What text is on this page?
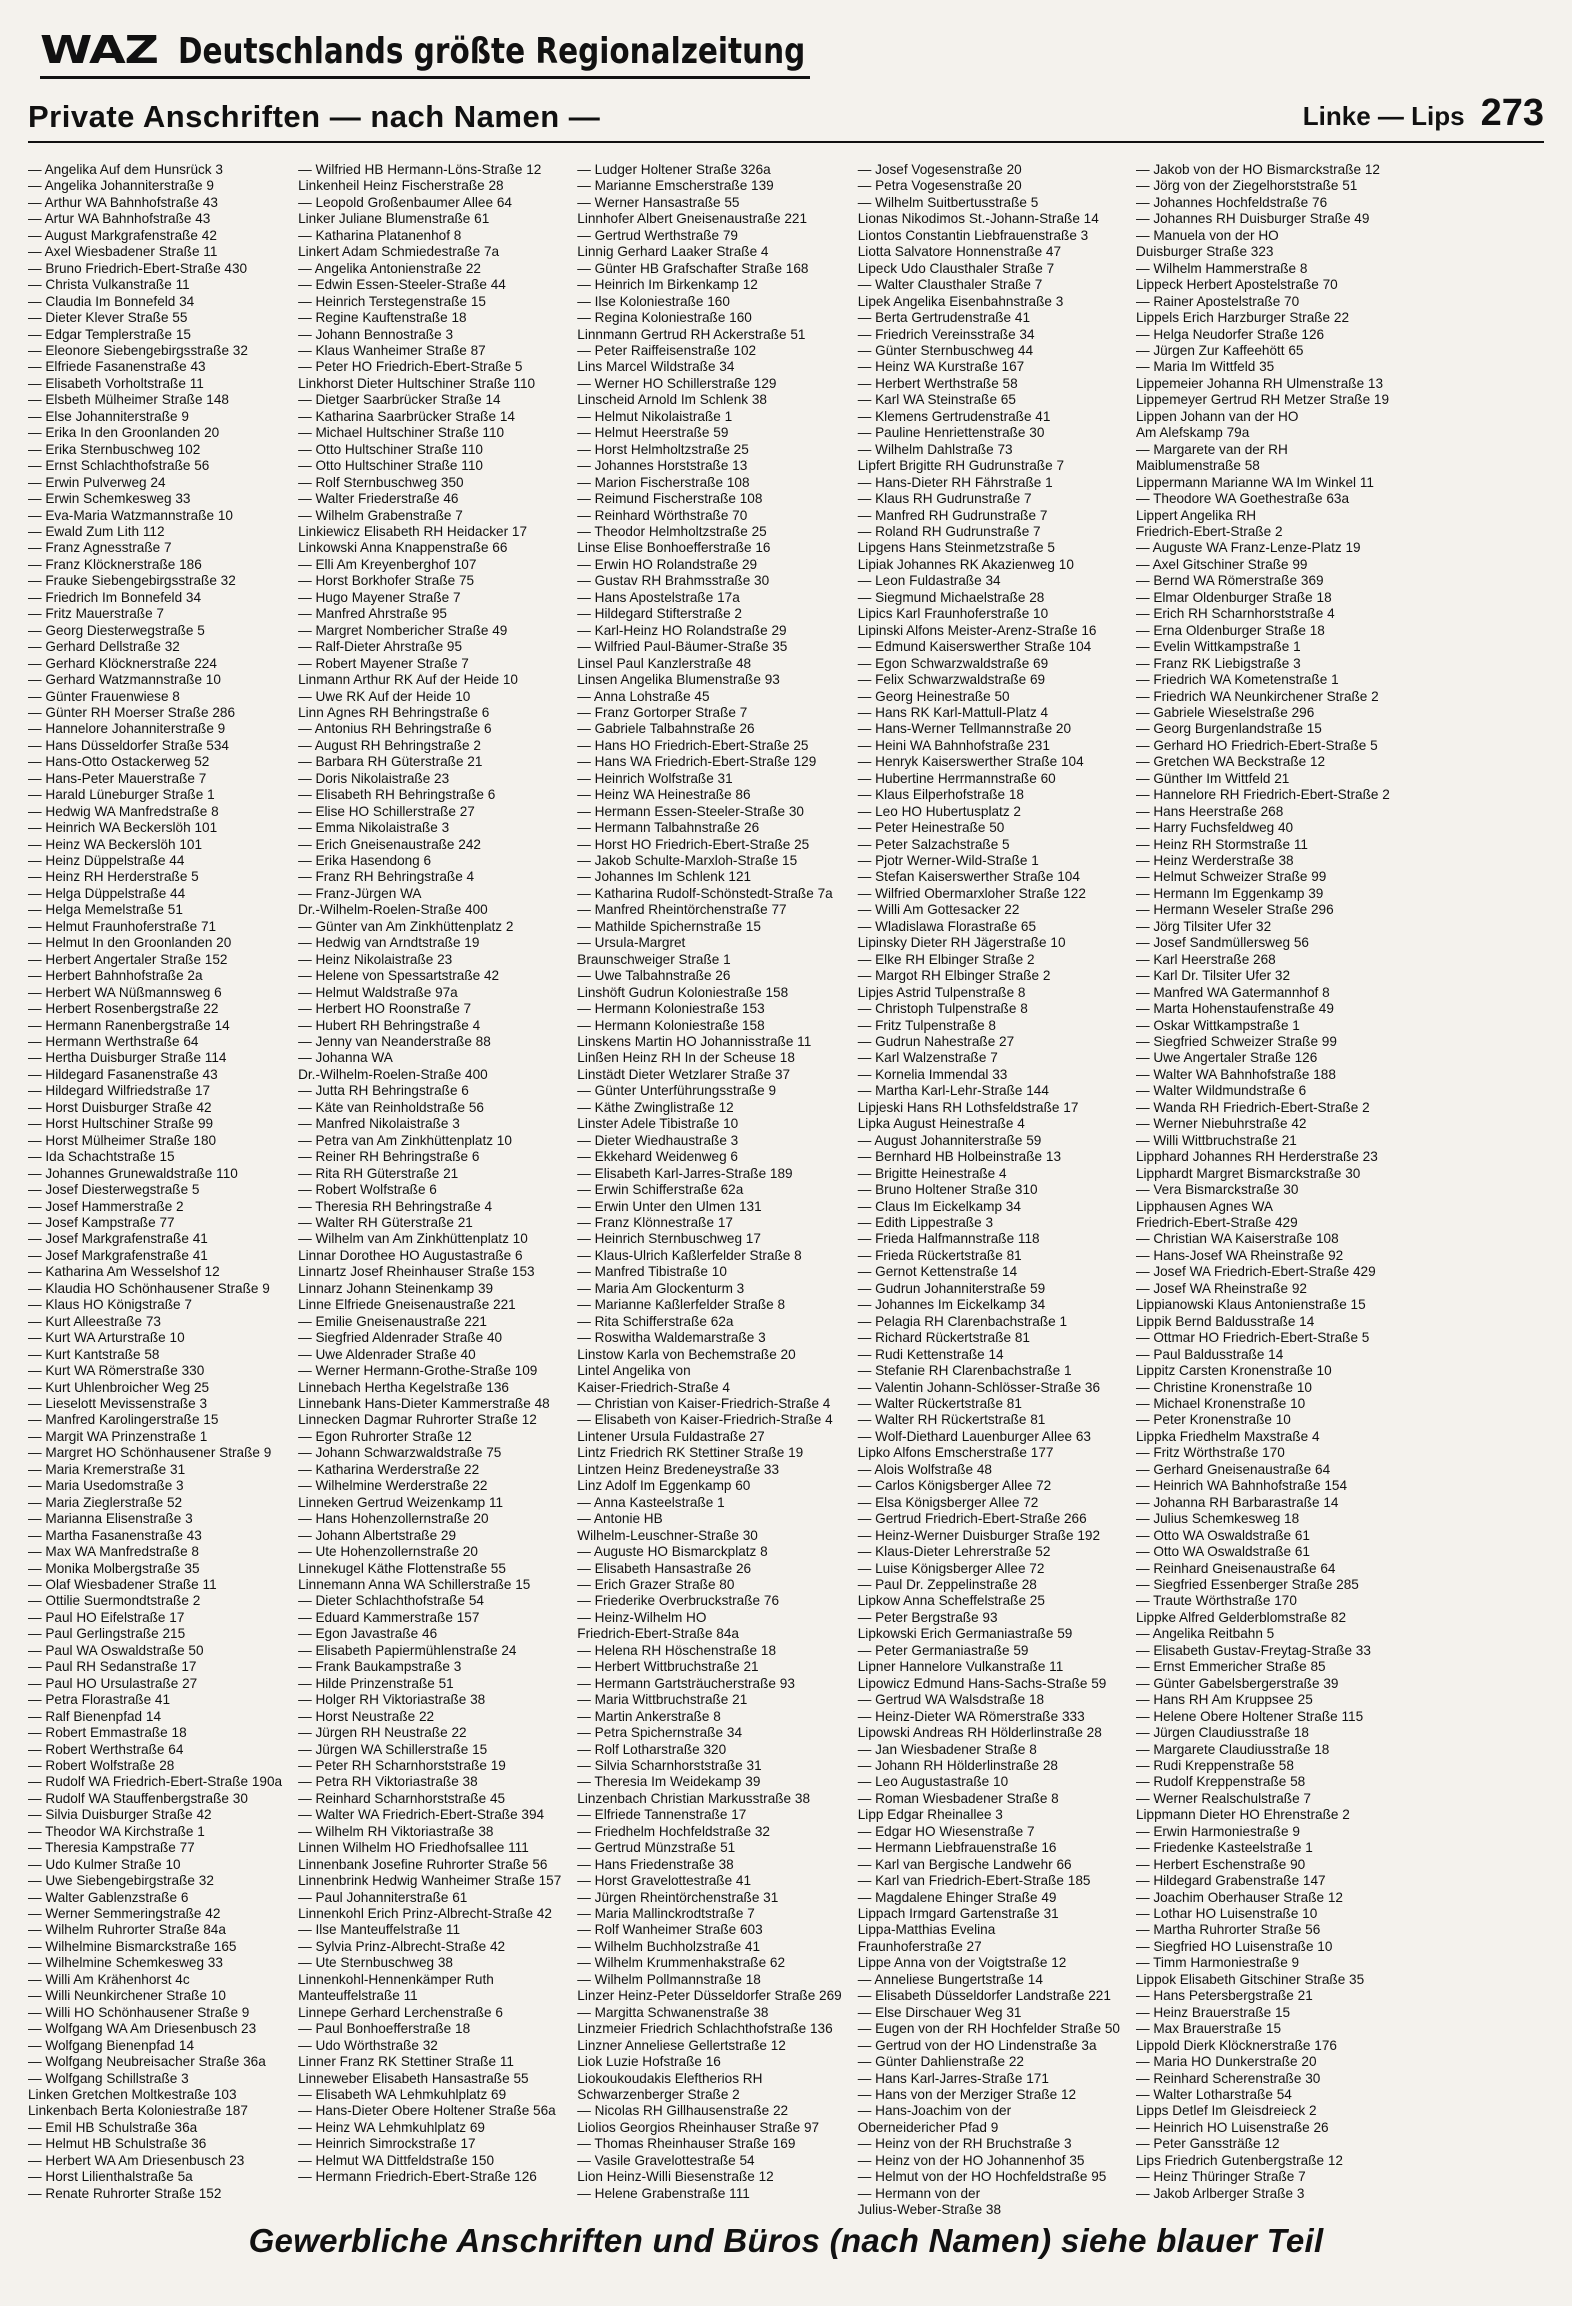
WAZ Deutschlands größte Regionalzeitung
Private Anschriften — nach Namen —	Linke — Lips 273
— Angelika Auf dem Hunsrück 3
— Angelika Johanniterstraße 9
— Arthur WA Bahnhofstraße 43
— Artur WA Bahnhofstraße 43
— August Markgrafenstraße 42
— Axel Wiesbadener Straße 11
— Bruno Friedrich-Ebert-Straße 430
— Christa Vulkanstraße 11
— Claudia Im Bonnefeld 34
— Dieter Klever Straße 55
— Edgar Templerstraße 15
— Eleonore Siebengebirgsstraße 32
— Elfriede Fasanenstraße 43
— Elisabeth Vorholtstraße 11
— Elsbeth Mülheimer Straße 148
— Else Johanniterstraße 9
— Erika In den Groonlanden 20
— Erika Sternbuschweg 102
— Ernst Schlachthofstraße 56
— Erwin Pulverweg 24
— Erwin Schemkesweg 33
— Eva-Maria Watzmannstraße 10
— Ewald Zum Lith 112
— Franz Agnesstraße 7
— Franz Klöcknerstraße 186
— Frauke Siebengebirgsstraße 32
— Friedrich Im Bonnefeld 34
— Fritz Mauerstraße 7
— Georg Diesterwegstraße 5
— Gerhard Dellstraße 32
— Gerhard Klöcknerstraße 224
— Gerhard Watzmannstraße 10
— Günter Frauenwiese 8
— Günter RH Moerser Straße 286
— Hannelore Johanniterstraße 9
— Hans Düsseldorfer Straße 534
— Hans-Otto Ostackerweg 52
— Hans-Peter Mauerstraße 7
— Harald Lüneburger Straße 1
— Hedwig WA Manfredstraße 8
— Heinrich WA Beckerslöh 101
— Heinz WA Beckerslöh 101
— Heinz Düppelstraße 44
— Heinz RH Herderstraße 5
— Helga Düppelstraße 44
— Helga Memelstraße 51
— Helmut Fraunhoferstraße 71
— Helmut In den Groonlanden 20
— Herbert Angertaler Straße 152
— Herbert Bahnhofstraße 2a
— Herbert WA Nüßmannsweg 6
— Herbert Rosenbergstraße 22
— Hermann Ranenbergstraße 14
— Hermann Werthstraße 64
— Hertha Duisburger Straße 114
— Hildegard Fasanenstraße 43
— Hildegard Wilfriedstraße 17
— Horst Duisburger Straße 42
— Horst Hultschiner Straße 99
— Horst Mülheimer Straße 180
— Ida Schachtstraße 15
— Johannes Grunewaldstraße 110
— Josef Diesterwegstraße 5
— Josef Hammerstraße 2
— Josef Kampstraße 77
— Josef Markgrafenstraße 41
— Josef Markgrafenstraße 41
— Katharina Am Wesselshof 12
— Klaudia HO Schönhausener Straße 9
— Klaus HO Königstraße 7
— Kurt Alleestraße 73
— Kurt WA Arturstraße 10
— Kurt Kantstraße 58
— Kurt WA Römerstraße 330
— Kurt Uhlenbroicher Weg 25
— Lieselott Mevissenstraße 3
— Manfred Karolingerstraße 15
— Margit WA Prinzenstraße 1
— Margret HO Schönhausener Straße 9
— Maria Kremerstraße 31
— Maria Usedomstraße 3
— Maria Zieglerstraße 52
— Marianna Elisenstraße 3
— Martha Fasanenstraße 43
— Max WA Manfredstraße 8
— Monika Molbergstraße 35
— Olaf Wiesbadener Straße 11
— Ottilie Suermondtstraße 2
— Paul HO Eifelstraße 17
— Paul Gerlingstraße 215
— Paul WA Oswaldstraße 50
— Paul RH Sedanstraße 17
— Paul HO Ursulastraße 27
— Petra Florastraße 41
— Ralf Bienenpfad 14
— Robert Emmastraße 18
— Robert Werthstraße 64
— Robert Wolfstraße 28
— Rudolf WA Friedrich-Ebert-Straße 190a
— Rudolf WA Stauffenbergstraße 30
— Silvia Duisburger Straße 42
— Theodor WA Kirchstraße 1
— Theresia Kampstraße 77
— Udo Kulmer Straße 10
— Uwe Siebengebirgstraße 32
— Walter Gablenzstraße 6
— Werner Semmeringstraße 42
— Wilhelm Ruhrorter Straße 84a
— Wilhelmine Bismarckstraße 165
— Wilhelmine Schemkesweg 33
— Willi Am Krähenhorst 4c
— Willi Neunkirchener Straße 10
— Willi HO Schönhausener Straße 9
— Wolfgang WA Am Driesenbusch 23
— Wolfgang Bienenpfad 14
— Wolfgang Neubreisacher Straße 36a
— Wolfgang Schillstraße 3
Linken Gretchen Moltkestraße 103
Linkenbach Berta Koloniestraße 187
— Emil HB Schulstraße 36a
— Helmut HB Schulstraße 36
— Herbert WA Am Driesenbusch 23
— Horst Lilienthalstraße 5a
— Renate Ruhrorter Straße 152
— Wilfried HB Hermann-Löns-Straße 12
Linkenheil Heinz Fischerstraße 28
— Leopold Großenbaumer Allee 64
Linker Juliane Blumenstraße 61
— Katharina Platanenhof 8
Linkert Adam Schmiedestraße 7a
— Angelika Antonienstraße 22
— Edwin Essen-Steeler-Straße 44
— Heinrich Terstegenstraße 15
— Regine Kauftenstraße 18
— Johann Bennostraße 3
— Klaus Wanheimer Straße 87
— Peter HO Friedrich-Ebert-Straße 5
Linkhorst Dieter Hultschiner Straße 110
— Dietger Saarbrücker Straße 14
— Katharina Saarbrücker Straße 14
— Michael Hultschiner Straße 110
— Otto Hultschiner Straße 110
— Otto Hultschiner Straße 110
— Rolf Sternbuschweg 350
— Walter Friederstraße 46
— Wilhelm Grabenstraße 7
Linkiewicz Elisabeth RH Heidacker 17
Linkowski Anna Knappenstraße 66
— Elli Am Kreyenberghof 107
— Horst Borkhofer Straße 75
— Hugo Mayener Straße 7
— Manfred Ahrstraße 95
— Margret Nombericher Straße 49
— Ralf-Dieter Ahrstraße 95
— Robert Mayener Straße 7
Linmann Arthur RK Auf der Heide 10
— Uwe RK Auf der Heide 10
Linn Agnes RH Behringstraße 6
— Antonius RH Behringstraße 6
— August RH Behringstraße 2
— Barbara RH Güterstraße 21
— Doris Nikolaistraße 23
— Elisabeth RH Behringstraße 6
— Elise HO Schillerstraße 27
— Emma Nikolaistraße 3
— Erich Gneisenaustraße 242
— Erika Hasendong 6
— Franz RH Behringstraße 4
— Franz-Jürgen WA
Dr.-Wilhelm-Roelen-Straße 400
— Günter van Am Zinkhüttenplatz 2
— Hedwig van Arndtstraße 19
— Heinz Nikolaistraße 23
— Helene von Spessartstraße 42
— Helmut Waldstraße 97a
— Herbert HO Roonstraße 7
— Hubert RH Behringstraße 4
— Jenny van Neanderstraße 88
— Johanna WA
Dr.-Wilhelm-Roelen-Straße 400
— Jutta RH Behringstraße 6
— Käte van Reinholdstraße 56
— Manfred Nikolaistraße 3
— Petra van Am Zinkhüttenplatz 10
— Reiner RH Behringstraße 6
— Rita RH Güterstraße 21
— Robert Wolfstraße 6
— Theresia RH Behringstraße 4
— Walter RH Güterstraße 21
— Wilhelm van Am Zinkhüttenplatz 10
Linnar Dorothee HO Augustastraße 6
Linnartz Josef Rheinhauser Straße 153
Linnarz Johann Steinenkamp 39
Linne Elfriede Gneisenaustraße 221
— Emilie Gneisenaustraße 221
— Siegfried Aldenrader Straße 40
— Uwe Aldenrader Straße 40
— Werner Hermann-Grothe-Straße 109
Linnebach Hertha Kegelstraße 136
Linnebank Hans-Dieter Kammerstraße 48
Linnecken Dagmar Ruhrorter Straße 12
— Egon Ruhrorter Straße 12
— Johann Schwarzwaldstraße 75
— Katharina Werderstraße 22
— Wilhelmine Werderstraße 22
Linneken Gertrud Weizenkamp 11
— Hans Hohenzollernstraße 20
— Johann Albertstraße 29
— Ute Hohenzollernstraße 20
Linnekugel Käthe Flottenstraße 55
Linnemann Anna WA Schillerstraße 15
— Dieter Schlachthofstraße 54
— Eduard Kammerstraße 157
— Egon Javastraße 46
— Elisabeth Papiermühlenstraße 24
— Frank Baukampstraße 3
— Hilde Prinzenstraße 51
— Holger RH Viktoriastraße 38
— Horst Neustraße 22
— Jürgen RH Neustraße 22
— Jürgen WA Schillerstraße 15
— Peter RH Scharnhorststraße 19
— Petra RH Viktoriastraße 38
— Reinhard Scharnhorststraße 45
— Walter WA Friedrich-Ebert-Straße 394
— Wilhelm RH Viktoriastraße 38
Linnen Wilhelm HO Friedhofsallee 111
Linnenbank Josefine Ruhrorter Straße 56
Linnenbrink Hedwig Wanheimer Straße 157
— Paul Johanniterstraße 61
Linnenkohl Erich Prinz-Albrecht-Straße 42
— Ilse Manteuffelstraße 11
— Sylvia Prinz-Albrecht-Straße 42
— Ute Sternbuschweg 38
Linnenkohl-Hennenkämper Ruth
Manteuffelstraße 11
Linnepe Gerhard Lerchenstraße 6
— Paul Bonhoefferstraße 18
— Udo Wörthstraße 32
Linner Franz RK Stettiner Straße 11
Linneweber Elisabeth Hansastraße 55
— Elisabeth WA Lehmkuhlplatz 69
— Hans-Dieter Obere Holtener Straße 56a
— Heinz WA Lehmkuhlplatz 69
— Heinrich Simrockstraße 17
— Helmut WA Dittfeldstraße 150
— Hermann Friedrich-Ebert-Straße 126
— Ludger Holtener Straße 326a
— Marianne Emscherstraße 139
— Werner Hansastraße 55
Linnhofer Albert Gneisenaustraße 221
— Gertrud Werthstraße 79
Linnig Gerhard Laaker Straße 4
— Günter HB Grafschafter Straße 168
— Heinrich Im Birkenkamp 12
— Ilse Koloniestraße 160
— Regina Koloniestraße 160
Linnmann Gertrud RH Ackerstraße 51
— Peter Raiffeisenstraße 102
Lins Marcel Wildstraße 34
— Werner HO Schillerstraße 129
Linscheid Arnold Im Schlenk 38
— Helmut Nikolaistraße 1
— Helmut Heerstraße 59
— Horst Helmholtzstraße 25
— Johannes Horststraße 13
— Marion Fischerstraße 108
— Reimund Fischerstraße 108
— Reinhard Wörthstraße 70
— Theodor Helmholtzstraße 25
Linse Elise Bonhoefferstraße 16
— Erwin HO Rolandstraße 29
— Gustav RH Brahmsstraße 30
— Hans Apostelstraße 17a
— Hildegard Stifterstraße 2
— Karl-Heinz HO Rolandstraße 29
— Wilfried Paul-Bäumer-Straße 35
Linsel Paul Kanzlerstraße 48
Linsen Angelika Blumenstraße 93
— Anna Lohstraße 45
— Franz Gortorper Straße 7
— Gabriele Talbahnstraße 26
— Hans HO Friedrich-Ebert-Straße 25
— Hans WA Friedrich-Ebert-Straße 129
— Heinrich Wolfstraße 31
— Heinz WA Heinestraße 86
— Hermann Essen-Steeler-Straße 30
— Hermann Talbahnstraße 26
— Horst HO Friedrich-Ebert-Straße 25
— Jakob Schulte-Marxloh-Straße 15
— Johannes Im Schlenk 121
— Katharina Rudolf-Schönstedt-Straße 7a
— Manfred Rheintörchenstraße 77
— Mathilde Spichernstraße 15
— Ursula-Margret
Braunschweiger Straße 1
— Uwe Talbahnstraße 26
Linshöft Gudrun Koloniestraße 158
— Hermann Koloniestraße 153
— Hermann Koloniestraße 158
Linskens Martin HO Johannisstraße 11
Linßen Heinz RH In der Scheuse 18
Linstädt Dieter Wetzlarer Straße 37
— Günter Unterführungsstraße 9
— Käthe Zwinglistraße 12
Linster Adele Tibistraße 10
— Dieter Wiedhaustraße 3
— Ekkehard Weidenweg 6
— Elisabeth Karl-Jarres-Straße 189
— Erwin Schifferstraße 62a
— Erwin Unter den Ulmen 131
— Franz Klönnestraße 17
— Heinrich Sternbuschweg 17
— Klaus-Ulrich Kaßlerfelder Straße 8
— Manfred Tibistraße 10
— Maria Am Glockenturm 3
— Marianne Kaßlerfelder Straße 8
— Rita Schifferstraße 62a
— Roswitha Waldemarstraße 3
Linstow Karla von Bechemstraße 20
Lintel Angelika von
Kaiser-Friedrich-Straße 4
— Christian von Kaiser-Friedrich-Straße 4
— Elisabeth von Kaiser-Friedrich-Straße 4
Lintener Ursula Fuldastraße 27
Lintz Friedrich RK Stettiner Straße 19
Lintzen Heinz Bredeneystraße 33
Linz Adolf Im Eggenkamp 60
— Anna Kasteelstraße 1
— Antonie HB
Wilhelm-Leuschner-Straße 30
— Auguste HO Bismarckplatz 8
— Elisabeth Hansastraße 26
— Erich Grazer Straße 80
— Friederike Overbruckstraße 76
— Heinz-Wilhelm HO
Friedrich-Ebert-Straße 84a
— Helena RH Höschenstraße 18
— Herbert Wittbruchstraße 21
— Hermann Gartsträucherstraße 93
— Maria Wittbruchstraße 21
— Martin Ankerstraße 8
— Petra Spichernstraße 34
— Rolf Lotharstraße 320
— Silvia Scharnhorststraße 31
— Theresia Im Weidekamp 39
Linzenbach Christian Markusstraße 38
— Elfriede Tannenstraße 17
— Friedhelm Hochfeldstraße 32
— Gertrud Münzstraße 51
— Hans Friedenstraße 38
— Horst Gravelottestraße 41
— Jürgen Rheintörchenstraße 31
— Maria Mallinckrodtstraße 7
— Rolf Wanheimer Straße 603
— Wilhelm Buchholzstraße 41
— Wilhelm Krummenhakstraße 62
— Wilhelm Pollmannstraße 18
Linzer Heinz-Peter Düsseldorfer Straße 269
— Margitta Schwanenstraße 38
Linzmeier Friedrich Schlachthofstraße 136
Linzner Anneliese Gellertstraße 12
Liok Luzie Hofstraße 16
Liokoukoudakis Eleftherios RH
Schwarzenberger Straße 2
— Nicolas RH Gillhausenstraße 22
Liolios Georgios Rheinhauser Straße 97
— Thomas Rheinhauser Straße 169
— Vasile Gravelottestraße 54
Lion Heinz-Willi Biesenstraße 12
— Helene Grabenstraße 111
— Josef Vogesenstraße 20
— Petra Vogesenstraße 20
— Wilhelm Suitbertusstraße 5
Lionas Nikodimos St.-Johann-Straße 14
Liontos Constantin Liebfrauenstraße 3
Liotta Salvatore Honnenstraße 47
Lipeck Udo Clausthaler Straße 7
— Walter Clausthaler Straße 7
Lipek Angelika Eisenbahnstraße 3
— Berta Gertrudenstraße 41
— Friedrich Vereinsstraße 34
— Günter Sternbuschweg 44
— Heinz WA Kurstraße 167
— Herbert Werthstraße 58
— Karl WA Steinstraße 65
— Klemens Gertrudenstraße 41
— Pauline Henriettenstraße 30
— Wilhelm Dahlstraße 73
Lipfert Brigitte RH Gudrunstraße 7
— Hans-Dieter RH Fährstraße 1
— Klaus RH Gudrunstraße 7
— Manfred RH Gudrunstraße 7
— Roland RH Gudrunstraße 7
Lipgens Hans Steinmetzstraße 5
Lipiak Johannes RK Akazienweg 10
— Leon Fuldastraße 34
— Siegmund Michaelstraße 28
Lipics Karl Fraunhoferstraße 10
Lipinski Alfons Meister-Arenz-Straße 16
— Edmund Kaiserswerther Straße 104
— Egon Schwarzwaldstraße 69
— Felix Schwarzwaldstraße 69
— Georg Heinestraße 50
— Hans RK Karl-Mattull-Platz 4
— Hans-Werner Tellmannstraße 20
— Heini WA Bahnhofstraße 231
— Henryk Kaiserswerther Straße 104
— Hubertine Herrmannstraße 60
— Klaus Eilperhofstraße 18
— Leo HO Hubertusplatz 2
— Peter Heinestraße 50
— Peter Salzachstraße 5
— Pjotr Werner-Wild-Straße 1
— Stefan Kaiserswerther Straße 104
— Wilfried Obermarxloher Straße 122
— Willi Am Gottesacker 22
— Wladislawa Florastraße 65
Lipinsky Dieter RH Jägerstraße 10
— Elke RH Elbinger Straße 2
— Margot RH Elbinger Straße 2
Lipjes Astrid Tulpenstraße 8
— Christoph Tulpenstraße 8
— Fritz Tulpenstraße 8
— Gudrun Nahestraße 27
— Karl Walzenstraße 7
— Kornelia Immendal 33
— Martha Karl-Lehr-Straße 144
Lipjeski Hans RH Lothsfeldstraße 17
Lipka August Heinestraße 4
— August Johanniterstraße 59
— Bernhard HB Holbeinstraße 13
— Brigitte Heinestraße 4
— Bruno Holtener Straße 310
— Claus Im Eickelkamp 34
— Edith Lippestraße 3
— Frieda Halfmannstraße 118
— Frieda Rückertstraße 81
— Gernot Kettenstraße 14
— Gudrun Johanniterstraße 59
— Johannes Im Eickelkamp 34
— Pelagia RH Clarenbachstraße 1
— Richard Rückertstraße 81
— Rudi Kettenstraße 14
— Stefanie RH Clarenbachstraße 1
— Valentin Johann-Schlösser-Straße 36
— Walter Rückertstraße 81
— Walter RH Rückertstraße 81
— Wolf-Diethard Lauenburger Allee 63
Lipko Alfons Emscherstraße 177
— Alois Wolfstraße 48
— Carlos Königsberger Allee 72
— Elsa Königsberger Allee 72
— Gertrud Friedrich-Ebert-Straße 266
— Heinz-Werner Duisburger Straße 192
— Klaus-Dieter Lehrerstraße 52
— Luise Königsberger Allee 72
— Paul Dr. Zeppelinstraße 28
Lipkow Anna Scheffelstraße 25
— Peter Bergstraße 93
Lipkowski Erich Germaniastraße 59
— Peter Germaniastraße 59
Lipner Hannelore Vulkanstraße 11
Lipowicz Edmund Hans-Sachs-Straße 59
— Gertrud WA Walsdstraße 18
— Heinz-Dieter WA Römerstraße 333
Lipowski Andreas RH Hölderlinstraße 28
— Jan Wiesbadener Straße 8
— Johann RH Hölderlinstraße 28
— Leo Augustastraße 10
— Roman Wiesbadener Straße 8
Lipp Edgar Rheinallee 3
— Edgar HO Wiesenstraße 7
— Hermann Liebfrauenstraße 16
— Karl van Bergische Landwehr 66
— Karl van Friedrich-Ebert-Straße 185
— Magdalene Ehinger Straße 49
Lippach Irmgard Gartenstraße 31
Lippa-Matthias Evelina
Fraunhoferstraße 27
Lippe Anna von der Voigtstraße 12
— Anneliese Bungertstraße 14
— Elisabeth Düsseldorfer Landstraße 221
— Else Dirschauer Weg 31
— Eugen von der RH Hochfelder Straße 50
— Gertrud von der HO Lindenstraße 3a
— Günter Dahlienstraße 22
— Hans Karl-Jarres-Straße 171
— Hans von der Merziger Straße 12
— Hans-Joachim von der
Oberneidericher Pfad 9
— Heinz von der RH Bruchstraße 3
— Heinz von der HO Johannenhof 35
— Helmut von der HO Hochfeldstraße 95
— Hermann von der
Julius-Weber-Straße 38
— Jakob von der HO Bismarckstraße 12
— Jörg von der Ziegelhorststraße 51
— Johannes Hochfeldstraße 76
— Johannes RH Duisburger Straße 49
— Manuela von der HO
Duisburger Straße 323
— Wilhelm Hammerstraße 8
Lippeck Herbert Apostelstraße 70
— Rainer Apostelstraße 70
Lippels Erich Harzburger Straße 22
— Helga Neudorfer Straße 126
— Jürgen Zur Kaffeehött 65
— Maria Im Wittfeld 35
Lippemeier Johanna RH Ulmenstraße 13
Lippemeyer Gertrud RH Metzer Straße 19
Lippen Johann van der HO
Am Alefskamp 79a
— Margarete van der RH
Maiblumenstraße 58
Lippermann Marianne WA Im Winkel 11
— Theodore WA Goethestraße 63a
Lippert Angelika RH
Friedrich-Ebert-Straße 2
— Auguste WA Franz-Lenze-Platz 19
— Axel Gitschiner Straße 99
— Bernd WA Römerstraße 369
— Elmar Oldenburger Straße 18
— Erich RH Scharnhorststraße 4
— Erna Oldenburger Straße 18
— Evelin Wittkampstraße 1
— Franz RK Liebigstraße 3
— Friedrich WA Kometenstraße 1
— Friedrich WA Neunkirchener Straße 2
— Gabriele Wieselstraße 296
— Georg Burgenlandstraße 15
— Gerhard HO Friedrich-Ebert-Straße 5
— Gretchen WA Beckstraße 12
— Günther Im Wittfeld 21
— Hannelore RH Friedrich-Ebert-Straße 2
— Hans Heerstraße 268
— Harry Fuchsfeldweg 40
— Heinz RH Stormstraße 11
— Heinz Werderstraße 38
— Helmut Schweizer Straße 99
— Hermann Im Eggenkamp 39
— Hermann Weseler Straße 296
— Jörg Tilsiter Ufer 32
— Josef Sandmüllersweg 56
— Karl Heerstraße 268
— Karl Dr. Tilsiter Ufer 32
— Manfred WA Gatermannhof 8
— Marta Hohenstaufenstraße 49
— Oskar Wittkampstraße 1
— Siegfried Schweizer Straße 99
— Uwe Angertaler Straße 126
— Walter WA Bahnhofstraße 188
— Walter Wildmundstraße 6
— Wanda RH Friedrich-Ebert-Straße 2
— Werner Niebuhrstraße 42
— Willi Wittbruchstraße 21
Lipphard Johannes RH Herderstraße 23
Lipphardt Margret Bismarckstraße 30
— Vera Bismarckstraße 30
Lipphausen Agnes WA
Friedrich-Ebert-Straße 429
— Christian WA Kaiserstraße 108
— Hans-Josef WA Rheinstraße 92
— Josef WA Friedrich-Ebert-Straße 429
— Josef WA Rheinstraße 92
Lippianowski Klaus Antonienstraße 15
Lippik Bernd Baldusstraße 14
— Ottmar HO Friedrich-Ebert-Straße 5
— Paul Baldusstraße 14
Lippitz Carsten Kronenstraße 10
— Christine Kronenstraße 10
— Michael Kronenstraße 10
— Peter Kronenstraße 10
Lippka Friedhelm Maxstraße 4
— Fritz Wörthstraße 170
— Gerhard Gneisenaustraße 64
— Heinrich WA Bahnhofstraße 154
— Johanna RH Barbarastraße 14
— Julius Schemkesweg 18
— Otto WA Oswaldstraße 61
— Otto WA Oswaldstraße 61
— Reinhard Gneisenaustraße 64
— Siegfried Essenberger Straße 285
— Traute Wörthstraße 170
Lippke Alfred Gelderblomstraße 82
— Angelika Reitbahn 5
— Elisabeth Gustav-Freytag-Straße 33
— Ernst Emmericher Straße 85
— Günter Gabelsbergerstraße 39
— Hans RH Am Kruppsee 25
— Helene Obere Holtener Straße 115
— Jürgen Claudiusstraße 18
— Margarete Claudiusstraße 18
— Rudi Kreppenstraße 58
— Rudolf Kreppenstraße 58
— Werner Realschulstraße 7
Lippmann Dieter HO Ehrenstraße 2
— Erwin Harmoniestraße 9
— Friedenke Kasteelstraße 1
— Herbert Eschenstraße 90
— Hildegard Grabenstraße 147
— Joachim Oberhauser Straße 12
— Lothar HO Luisenstraße 10
— Martha Ruhrorter Straße 56
— Siegfried HO Luisenstraße 10
— Timm Harmoniestraße 9
Lippok Elisabeth Gitschiner Straße 35
— Hans Petersbergstraße 21
— Heinz Brauerstraße 15
— Max Brauerstraße 15
Lippold Dierk Klöcknerstraße 176
— Maria HO Dunkerstraße 20
— Reinhard Scherenstraße 30
— Walter Lotharstraße 54
Lipps Detlef Im Gleisdreieck 2
— Heinrich HO Luisenstraße 26
— Peter Ganssträße 12
Lips Friedrich Gutenbergstraße 12
— Heinz Thüringer Straße 7
— Jakob Arlberger Straße 3
Gewerbliche Anschriften und Büros (nach Namen) siehe blauer Teil
